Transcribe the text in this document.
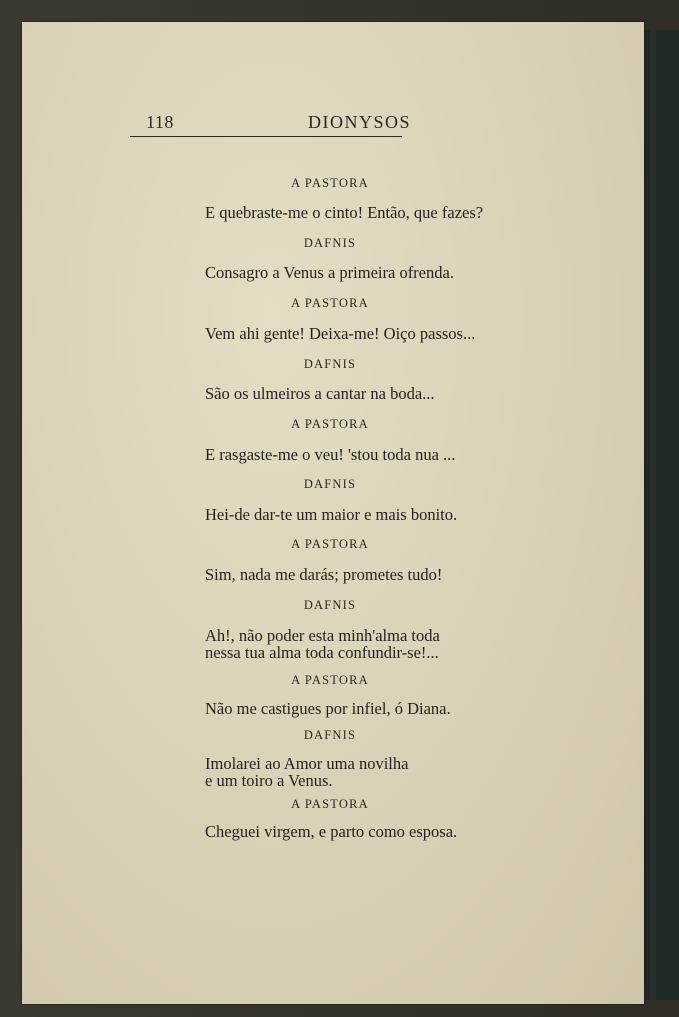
118	DIONYSOS
A PASTORA
E quebraste-me o cinto! Então, que fazes?
DAFNIS
Consagro a Venus a primeira ofrenda.
A PASTORA
Vem ahi gente! Deixa-me! Oiço passos...
DAFNIS
São os ulmeiros a cantar na boda...
A PASTORA
E rasgaste-me o veu! 'stou toda nua ...
DAFNIS
Hei-de dar-te um maior e mais bonito.
A PASTORA
Sim, nada me darás; prometes tudo!
DAFNIS
Ah!, não poder esta minh'alma toda
nessa tua alma toda confundir-se!...
A PASTORA
Não me castigues por infiel, ó Diana.
DAFNIS
Imolarei ao Amor uma novilha
e um toiro a Venus.
A PASTORA
Cheguei virgem, e parto como esposa.
